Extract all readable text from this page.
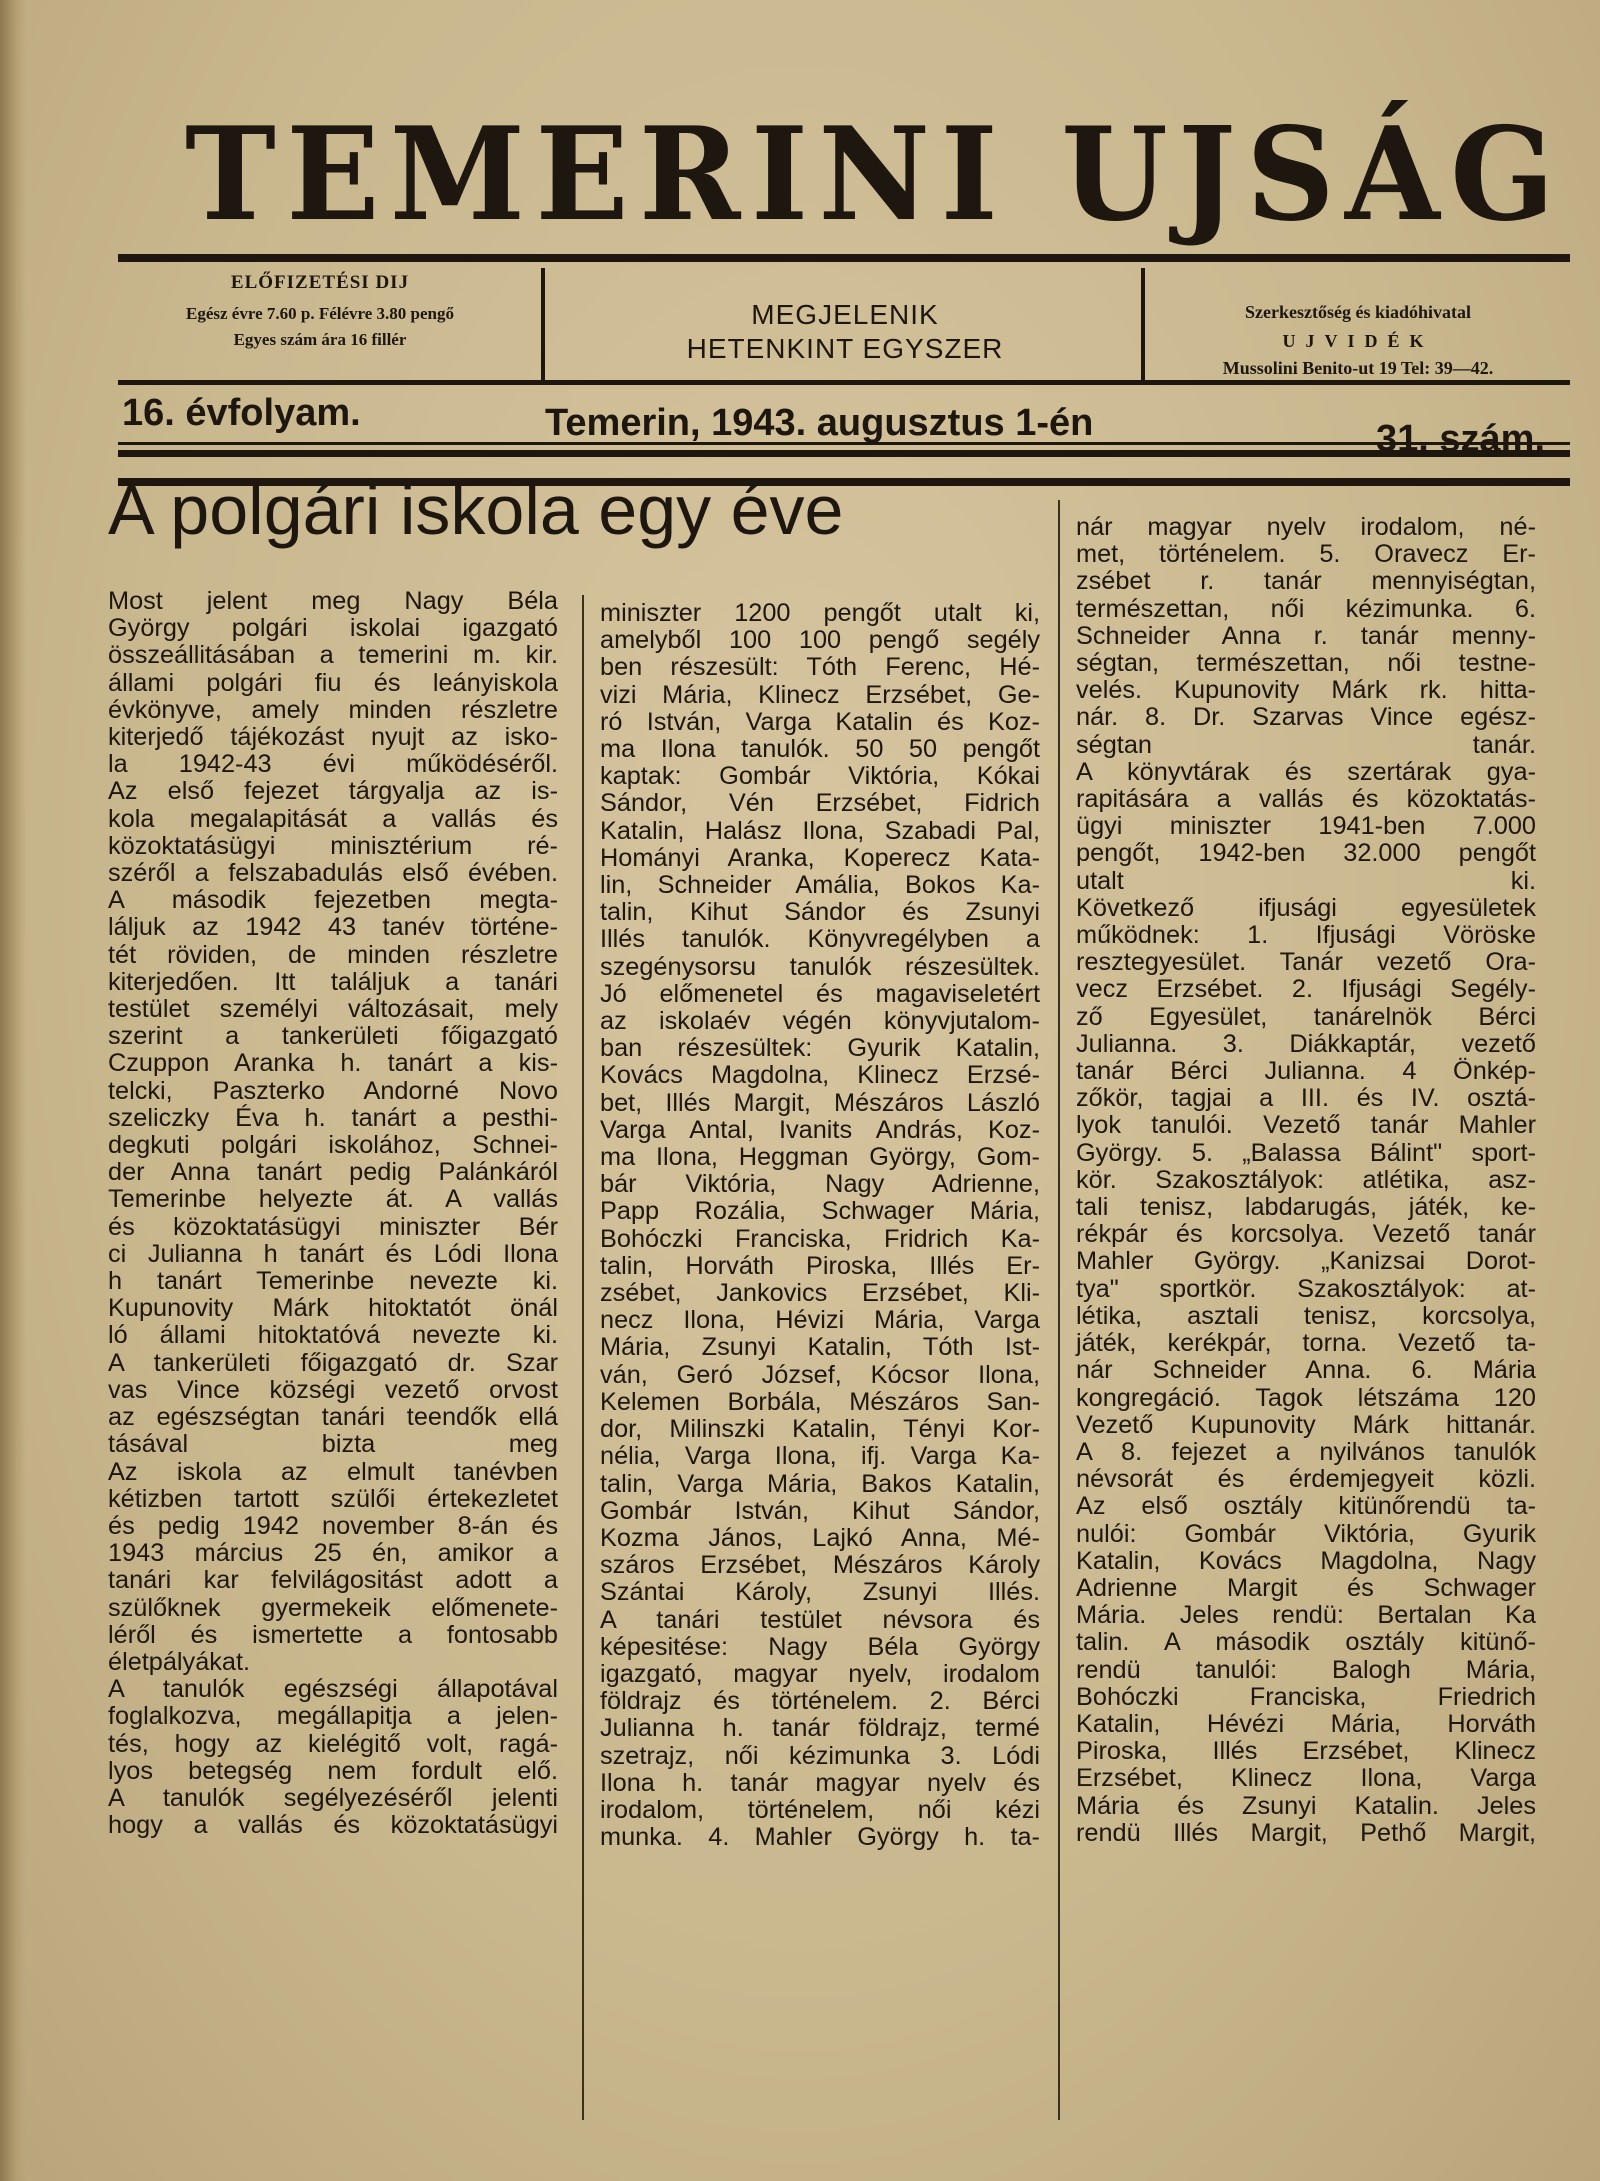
TEMERINI UJSÁG
ELŐFIZETÉSI DIJ
Egész évre 7.60 p. Félévre 3.80 pengő
Egyes szám ára 16 fillér
MEGJELENIK
HETENKINT EGYSZER
Szerkesztőség és kiadóhivatal
UJVIDÉK
Mussolini Benito-ut 19 Tel: 39—42.
16. évfolyam.	Temerin, 1943. augusztus 1-én	31. szám.
A polgári iskola egy éve
Most jelent meg Nagy Béla
György polgári iskolai igazgató
összeállitásában a temerini m. kir.
állami polgári fiu és leányiskola
évkönyve, amely minden részletre
kiterjedő tájékozást nyujt az isko-
la 1942-43 évi működéséről.
Az első fejezet tárgyalja az is-
kola megalapitását a vallás és
közoktatásügyi minisztérium ré-
széről a felszabadulás első évében.
A második fejezetben megta-
láljuk az 1942 43 tanév történe-
tét röviden, de minden részletre
kiterjedően. Itt találjuk a tanári
testület személyi változásait, mely
szerint a tankerületi főigazgató
Czuppon Aranka h. tanárt a kis-
telcki, Paszterko Andorné Novo
szeliczky Éva h. tanárt a pesthi-
degkuti polgári iskolához, Schnei-
der Anna tanárt pedig Palánkáról
Temerinbe helyezte át. A vallás
és közoktatásügyi miniszter Bér
ci Julianna h tanárt és Lódi Ilona
h tanárt Temerinbe nevezte ki.
Kupunovity Márk hitoktatót önál
ló állami hitoktatóvá nevezte ki.
A tankerületi főigazgató dr. Szar
vas Vince községi vezető orvost
az egészségtan tanári teendők ellá
tásával bizta meg
Az iskola az elmult tanévben
kétizben tartott szülői értekezletet
és pedig 1942 november 8-án és
1943 március 25 én, amikor a
tanári kar felvilágositást adott a
szülőknek gyermekeik előmenete-
léről és ismertette a fontosabb
életpályákat.
A tanulók egészségi állapotával
foglalkozva, megállapitja a jelen-
tés, hogy az kielégitő volt, ragá-
lyos betegség nem fordult elő.
A tanulók segélyezéséről jelenti
hogy a vallás és közoktatásügyi
miniszter 1200 pengőt utalt ki,
amelyből 100 100 pengő segély
ben részesült: Tóth Ferenc, Hé-
vizi Mária, Klinecz Erzsébet, Ge-
ró István, Varga Katalin és Koz-
ma Ilona tanulók. 50 50 pengőt
kaptak: Gombár Viktória, Kókai
Sándor, Vén Erzsébet, Fidrich
Katalin, Halász Ilona, Szabadi Pal,
Hományi Aranka, Koperecz Kata-
lin, Schneider Amália, Bokos Ka-
talin, Kihut Sándor és Zsunyi
Illés tanulók. Könyvregélyben a
szegénysorsu tanulók részesültek.
Jó előmenetel és magaviseletért
az iskolaév végén könyvjutalom-
ban részesültek: Gyurik Katalin,
Kovács Magdolna, Klinecz Erzsé-
bet, Illés Margit, Mészáros László
Varga Antal, Ivanits András, Koz-
ma Ilona, Heggman György, Gom-
bár Viktória, Nagy Adrienne,
Papp Rozália, Schwager Mária,
Bohóczki Franciska, Fridrich Ka-
talin, Horváth Piroska, Illés Er-
zsébet, Jankovics Erzsébet, Kli-
necz Ilona, Hévizi Mária, Varga
Mária, Zsunyi Katalin, Tóth Ist-
ván, Geró József, Kócsor Ilona,
Kelemen Borbála, Mészáros San-
dor, Milinszki Katalin, Tényi Kor-
nélia, Varga Ilona, ifj. Varga Ka-
talin, Varga Mária, Bakos Katalin,
Gombár István, Kihut Sándor,
Kozma János, Lajkó Anna, Mé-
száros Erzsébet, Mészáros Károly
Szántai Károly, Zsunyi Illés.
A tanári testület névsora és
képesitése: Nagy Béla György
igazgató, magyar nyelv, irodalom
földrajz és történelem. 2. Bérci
Julianna h. tanár földrajz, termé
szetrajz, női kézimunka 3. Lódi
Ilona h. tanár magyar nyelv és
irodalom, történelem, női kézi
munka. 4. Mahler György h. ta-
nár magyar nyelv irodalom, né-
met, történelem. 5. Oravecz Er-
zsébet r. tanár mennyiségtan,
természettan, női kézimunka. 6.
Schneider Anna r. tanár menny-
ségtan, természettan, női testne-
velés. Kupunovity Márk rk. hitta-
nár. 8. Dr. Szarvas Vince egész-
ségtan tanár.
A könyvtárak és szertárak gya-
rapitására a vallás és közoktatás-
ügyi miniszter 1941-ben 7.000
pengőt, 1942-ben 32.000 pengőt
utalt ki.
Következő ifjusági egyesületek
működnek: 1. Ifjusági Vöröske
resztegyesület. Tanár vezető Ora-
vecz Erzsébet. 2. Ifjusági Segély-
ző Egyesület, tanárelnök Bérci
Julianna. 3. Diákkaptár, vezető
tanár Bérci Julianna. 4 Önkép-
zőkör, tagjai a III. és IV. osztá-
lyok tanulói. Vezető tanár Mahler
György. 5. „Balassa Bálint" sport-
kör. Szakosztályok: atlétika, asz-
tali tenisz, labdarugás, játék, ke-
rékpár és korcsolya. Vezető tanár
Mahler György. „Kanizsai Dorot-
tya" sportkör. Szakosztályok: at-
létika, asztali tenisz, korcsolya,
játék, kerékpár, torna. Vezető ta-
nár Schneider Anna. 6. Mária
kongregáció. Tagok létszáma 120
Vezető Kupunovity Márk hittanár.
A 8. fejezet a nyilvános tanulók
névsorát és érdemjegyeit közli.
Az első osztály kitünőrendü ta-
nulói: Gombár Viktória, Gyurik
Katalin, Kovács Magdolna, Nagy
Adrienne Margit és Schwager
Mária. Jeles rendü: Bertalan Ka
talin. A második osztály kitünő-
rendü tanulói: Balogh Mária,
Bohóczki Franciska, Friedrich
Katalin, Hévézi Mária, Horváth
Piroska, Illés Erzsébet, Klinecz
Erzsébet, Klinecz Ilona, Varga
Mária és Zsunyi Katalin. Jeles
rendü Illés Margit, Pethő Margit,
